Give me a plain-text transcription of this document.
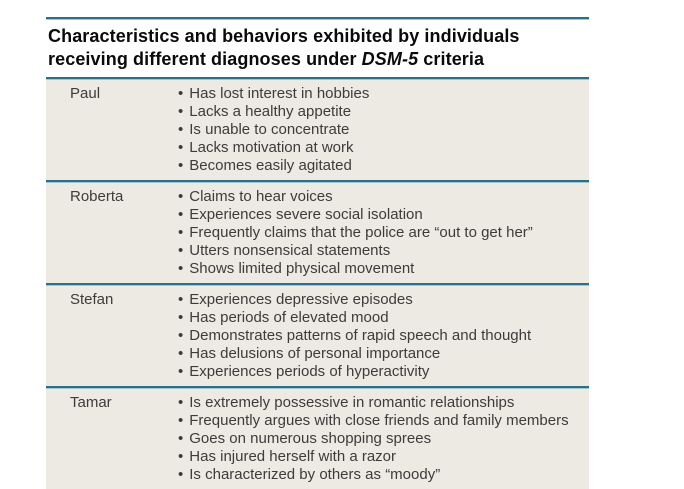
Characteristics and behaviors exhibited by individuals
receiving different diagnoses under DSM-5 criteria
Paul	• Has lost interest in hobbies
• Lacks a healthy appetite
• Is unable to concentrate
• Lacks motivation at work
• Becomes easily agitated
Roberta	• Claims to hear voices
• Experiences severe social isolation
• Frequently claims that the police are “out to get her”
• Utters nonsensical statements
• Shows limited physical movement
Stefan	• Experiences depressive episodes
• Has periods of elevated mood
• Demonstrates patterns of rapid speech and thought
• Has delusions of personal importance
• Experiences periods of hyperactivity
Tamar	• Is extremely possessive in romantic relationships
• Frequently argues with close friends and family members
• Goes on numerous shopping sprees
• Has injured herself with a razor
• Is characterized by others as “moody”
